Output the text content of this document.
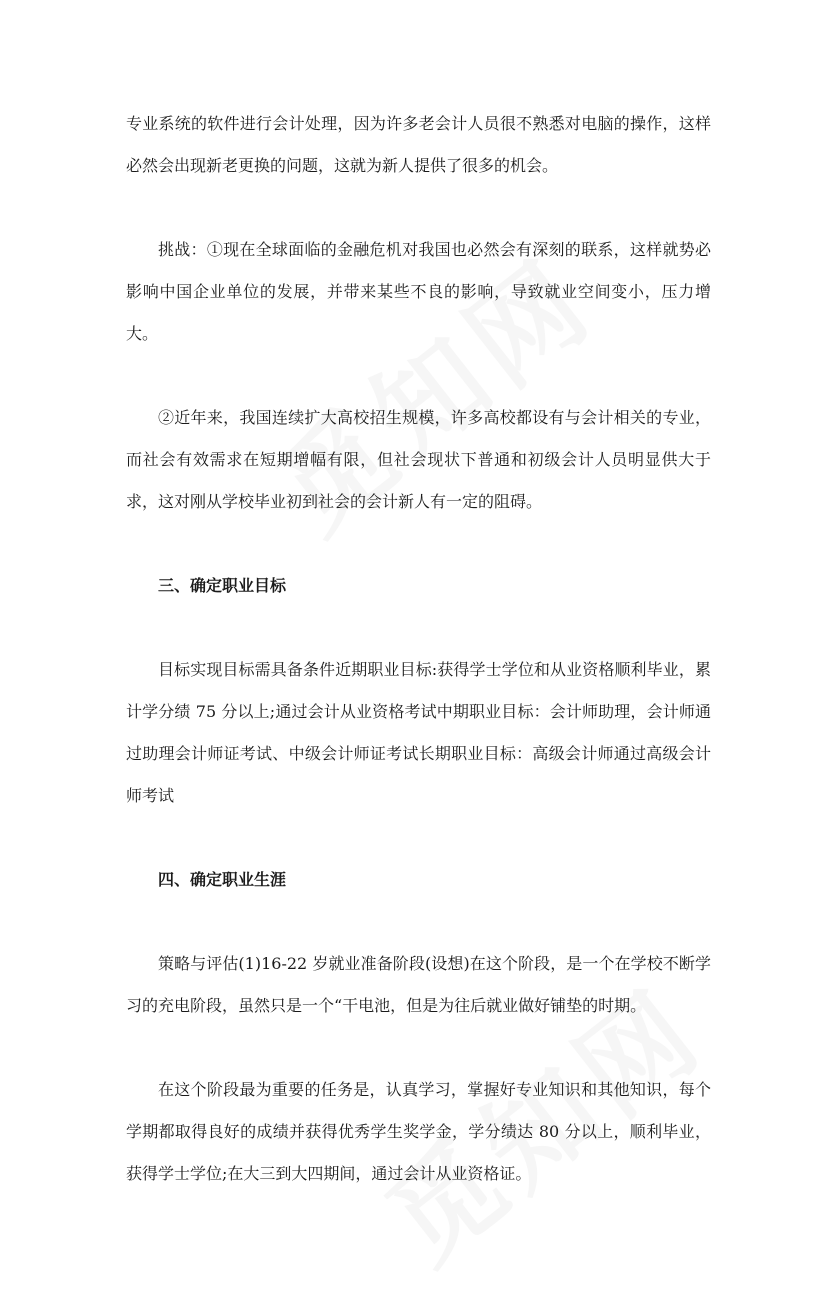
专业系统的软件进行会计处理，因为许多老会计人员很不熟悉对电脑的操作，这样必然会出现新老更换的问题，这就为新人提供了很多的机会。

挑战：①现在全球面临的金融危机对我国也必然会有深刻的联系，这样就势必影响中国企业单位的发展，并带来某些不良的影响，导致就业空间变小，压力增大。

②近年来，我国连续扩大高校招生规模，许多高校都设有与会计相关的专业，而社会有效需求在短期增幅有限，但社会现状下普通和初级会计人员明显供大于求，这对刚从学校毕业初到社会的会计新人有一定的阻碍。

三、确定职业目标

目标实现目标需具备条件近期职业目标:获得学士学位和从业资格顺利毕业，累计学分绩 75 分以上;通过会计从业资格考试中期职业目标：会计师助理，会计师通过助理会计师证考试、中级会计师证考试长期职业目标：高级会计师通过高级会计师考试

四、确定职业生涯

策略与评估(1)16-22 岁就业准备阶段(设想)在这个阶段，是一个在学校不断学习的充电阶段，虽然只是一个“干电池，但是为往后就业做好铺垫的时期。

在这个阶段最为重要的任务是，认真学习，掌握好专业知识和其他知识，每个学期都取得良好的成绩并获得优秀学生奖学金，学分绩达 80 分以上，顺利毕业，获得学士学位;在大三到大四期间，通过会计从业资格证。
